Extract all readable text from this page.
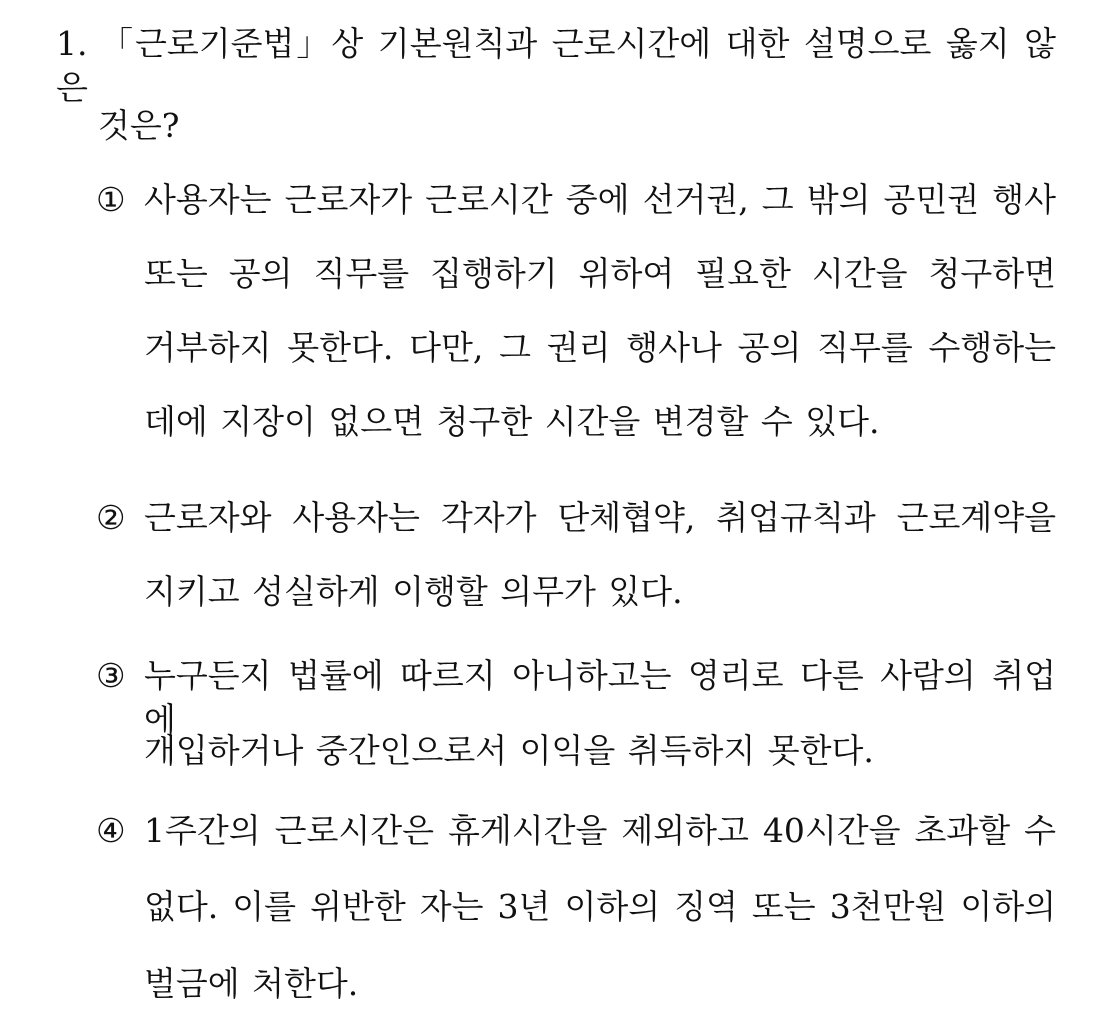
1. 「근로기준법」상 기본원칙과 근로시간에 대한 설명으로 옳지 않은
것은?
① 사용자는 근로자가 근로시간 중에 선거권, 그 밖의 공민권 행사
또는 공의 직무를 집행하기 위하여 필요한 시간을 청구하면
거부하지 못한다. 다만, 그 권리 행사나 공의 직무를 수행하는
데에 지장이 없으면 청구한 시간을 변경할 수 있다.
② 근로자와 사용자는 각자가 단체협약, 취업규칙과 근로계약을
지키고 성실하게 이행할 의무가 있다.
③ 누구든지 법률에 따르지 아니하고는 영리로 다른 사람의 취업에
개입하거나 중간인으로서 이익을 취득하지 못한다.
④ 1주간의 근로시간은 휴게시간을 제외하고 40시간을 초과할 수
없다. 이를 위반한 자는 3년 이하의 징역 또는 3천만원 이하의
벌금에 처한다.
